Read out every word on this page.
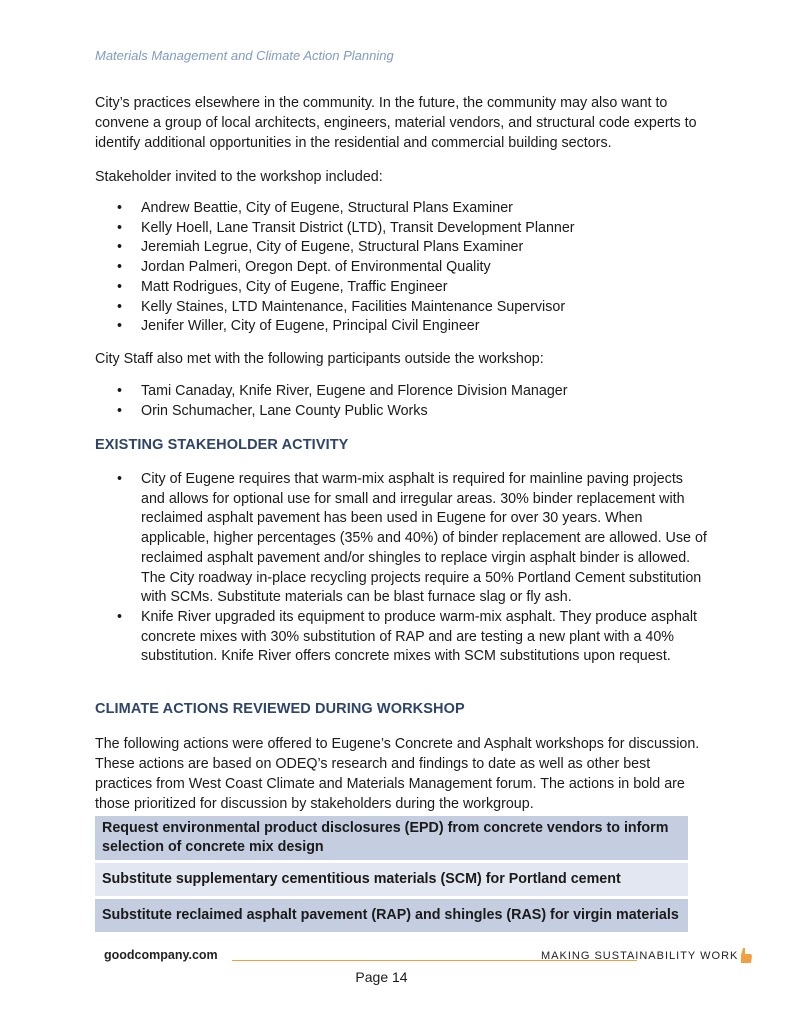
Materials Management and Climate Action Planning

City’s practices elsewhere in the community. In the future, the community may also want to convene a group of local architects, engineers, material vendors, and structural code experts to identify additional opportunities in the residential and commercial building sectors.

Stakeholder invited to the workshop included:

• Andrew Beattie, City of Eugene, Structural Plans Examiner
• Kelly Hoell, Lane Transit District (LTD), Transit Development Planner
• Jeremiah Legrue, City of Eugene, Structural Plans Examiner
• Jordan Palmeri, Oregon Dept. of Environmental Quality
• Matt Rodrigues, City of Eugene, Traffic Engineer
• Kelly Staines, LTD Maintenance, Facilities Maintenance Supervisor
• Jenifer Willer, City of Eugene, Principal Civil Engineer

City Staff also met with the following participants outside the workshop:

• Tami Canaday, Knife River, Eugene and Florence Division Manager
• Orin Schumacher, Lane County Public Works
EXISTING STAKEHOLDER ACTIVITY
• City of Eugene requires that warm-mix asphalt is required for mainline paving projects and allows for optional use for small and irregular areas. 30% binder replacement with reclaimed asphalt pavement has been used in Eugene for over 30 years. When applicable, higher percentages (35% and 40%) of binder replacement are allowed. Use of reclaimed asphalt pavement and/or shingles to replace virgin asphalt binder is allowed. The City roadway in-place recycling projects require a 50% Portland Cement substitution with SCMs. Substitute materials can be blast furnace slag or fly ash.
• Knife River upgraded its equipment to produce warm-mix asphalt. They produce asphalt concrete mixes with 30% substitution of RAP and are testing a new plant with a 40% substitution. Knife River offers concrete mixes with SCM substitutions upon request.
CLIMATE ACTIONS REVIEWED DURING WORKSHOP

The following actions were offered to Eugene’s Concrete and Asphalt workshops for discussion. These actions are based on ODEQ’s research and findings to date as well as other best practices from West Coast Climate and Materials Management forum. The actions in bold are those prioritized for discussion by stakeholders during the workgroup.

Request environmental product disclosures (EPD) from concrete vendors to inform selection of concrete mix design
Substitute supplementary cementitious materials (SCM) for Portland cement
Substitute reclaimed asphalt pavement (RAP) and shingles (RAS) for virgin materials
goodcompany.com	MAKING SUSTAINABILITY WORK
Page 14
